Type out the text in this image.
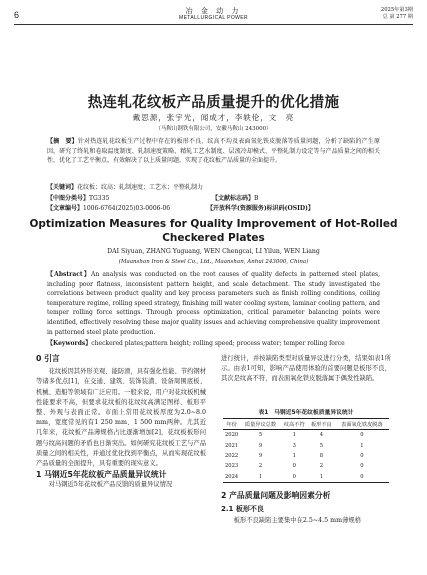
6	冶 金 动 力
METALLURGICAL POWER
2025年第3期
总 第 277 期
热连轧花纹板产品质量提升的优化措施
戴思源，张宇光，闻成才，李轶伦，文　亮
（马鞍山钢铁有限公司，安徽马鞍山 243000）
【摘　要】针对热连轧花纹板生产过程中存在的板形不良、纹高不均及表面氧化铁皮脱落等质量问题，分析了缺陷的产生原因，研究了终轧和卷取温度制度、轧制速度策略、精轧工艺水制度、层流冷却模式、平整轧制力设定等与产品质量之间的相关性，优化了工艺平衡点，有效解决了以上质量问题，实现了花纹板产品质量的全面提升。
【关键词】花纹板；纹高；轧制速度；工艺水；平整轧制力
【中图分类号】TG335	【文献标志码】B
【文章编号】1006-6764(2025)03-0006-06	【开放科学(资源服务)标识码(OSID)】
Optimization Measures for Quality Improvement of Hot-Rolled Checkered Plates
DAI Siyuan, ZHANG Yuguang, WEN Chengcai, LI Yilun, WEN Liang
(Maanshan Iron & Steel Co., Ltd., Maanshan, Anhui 243000, China)
【Abstract】An analysis was conducted on the root causes of quality defects in patterned steel plates, including poor flatness, inconsistent pattern height, and scale detachment. The study investigated the correlations between product quality and key process parameters such as finish rolling conditions, coiling temperature regime, rolling speed strategy, finishing mill water cooling system, laminar cooling pattern, and temper rolling force settings. Through process optimization, critical parameter balancing points were identified, effectively resolving these major quality issues and achieving comprehensive quality improvement in patterned steel plate production.
【Keywords】checkered plates;pattern height; rolling speed; process water; temper rolling force
0 引言
花纹板因其外形美观、能防滑，具有强化性能、节约钢材等诸多优点[1]，在交通、建筑、装饰装潢、设备周围底板、机械、造船等领域有广泛应用。一般来说，用户对花纹板机械性能要求不高，但要求花纹板的花纹纹高满足图样、板形平整、外观与表面正常。市面上常用花纹板厚度为2.0~8.0 mm，宽度常见的有1 250 mm、1 500 mm两种。尤其近几年来，花纹板产品薄规格占比逐渐增加[2]，花纹板板形问题与纹高问题的矛盾也日渐突出。如何研究花纹板工艺与产品质量之间的相关性，并通过优化找到平衡点，从而实现花纹板产品质量的全面提升，具有重要的现实意义。
1 马钢近5年花纹板产品质量异议统计
对马钢近5年花纹板产品反馈的质量异议情况
进行统计，并按缺陷类型对质量异议进行分类，结果如表1所示。由表1可知，影响产品使用体验的首要问题是板形不良，其次是纹高不符，而表面氧化铁皮脱落属于偶发性缺陷。
表1　马钢近5年花纹板质量异议统计
年份	质量异议总数	纹高不符	板形不良	表面氧化铁皮脱落
2020	5	1	4	0
2021	9	3	5	1
2022	9	1	8	0
2023	2	0	2	0
2024	1	0	1	0
2 产品质量问题及影响因素分析
2.1 板形不良
板形不良缺陷主要集中在2.5~4.5 mm薄规格
